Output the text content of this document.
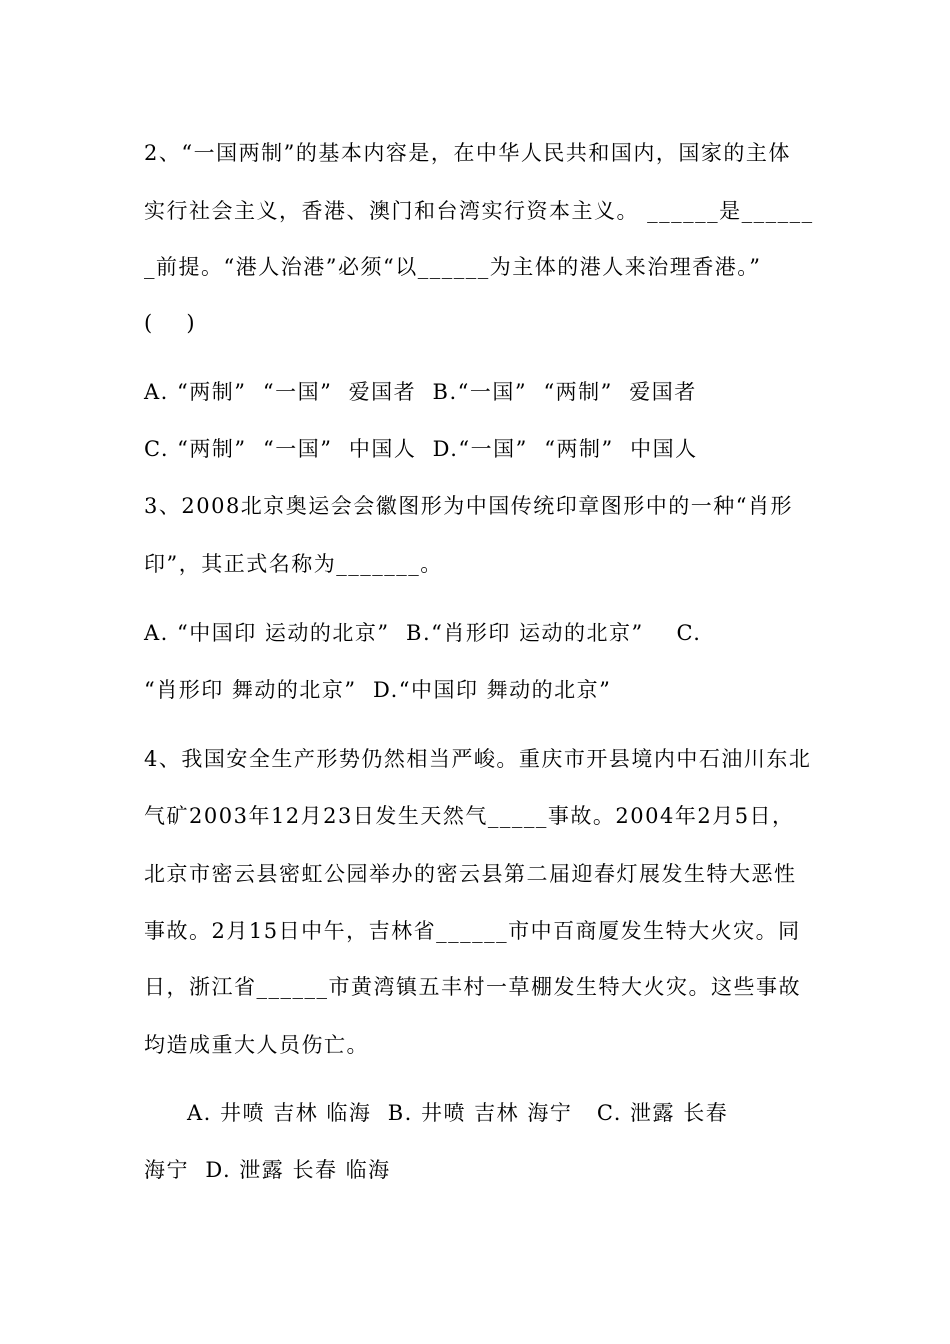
2、“一国两制”的基本内容是，在中华人民共和国内，国家的主体
实行社会主义，香港、澳门和台湾实行资本主义。 ______是______
_前提。“港人治港”必须“以______为主体的港人来治理香港。”
(    )
A. “两制”  “一国”  爱国者  B.“一国”  “两制”  爱国者
C. “两制”  “一国”  中国人  D.“一国”  “两制”  中国人
3、2008北京奥运会会徽图形为中国传统印章图形中的一种“肖形
印”，其正式名称为_______。
A. “中国印 运动的北京”  B.“肖形印 运动的北京”    C.
“肖形印 舞动的北京”  D.“中国印 舞动的北京”
4、我国安全生产形势仍然相当严峻。重庆市开县境内中石油川东北
气矿2003年12月23日发生天然气_____事故。2004年2月5日，
北京市密云县密虹公园举办的密云县第二届迎春灯展发生特大恶性
事故。2月15日中午，吉林省______市中百商厦发生特大火灾。同
日，浙江省______市黄湾镇五丰村一草棚发生特大火灾。这些事故
均造成重大人员伤亡。
A. 井喷 吉林 临海  B. 井喷 吉林 海宁   C. 泄露 长春
海宁  D. 泄露 长春 临海
